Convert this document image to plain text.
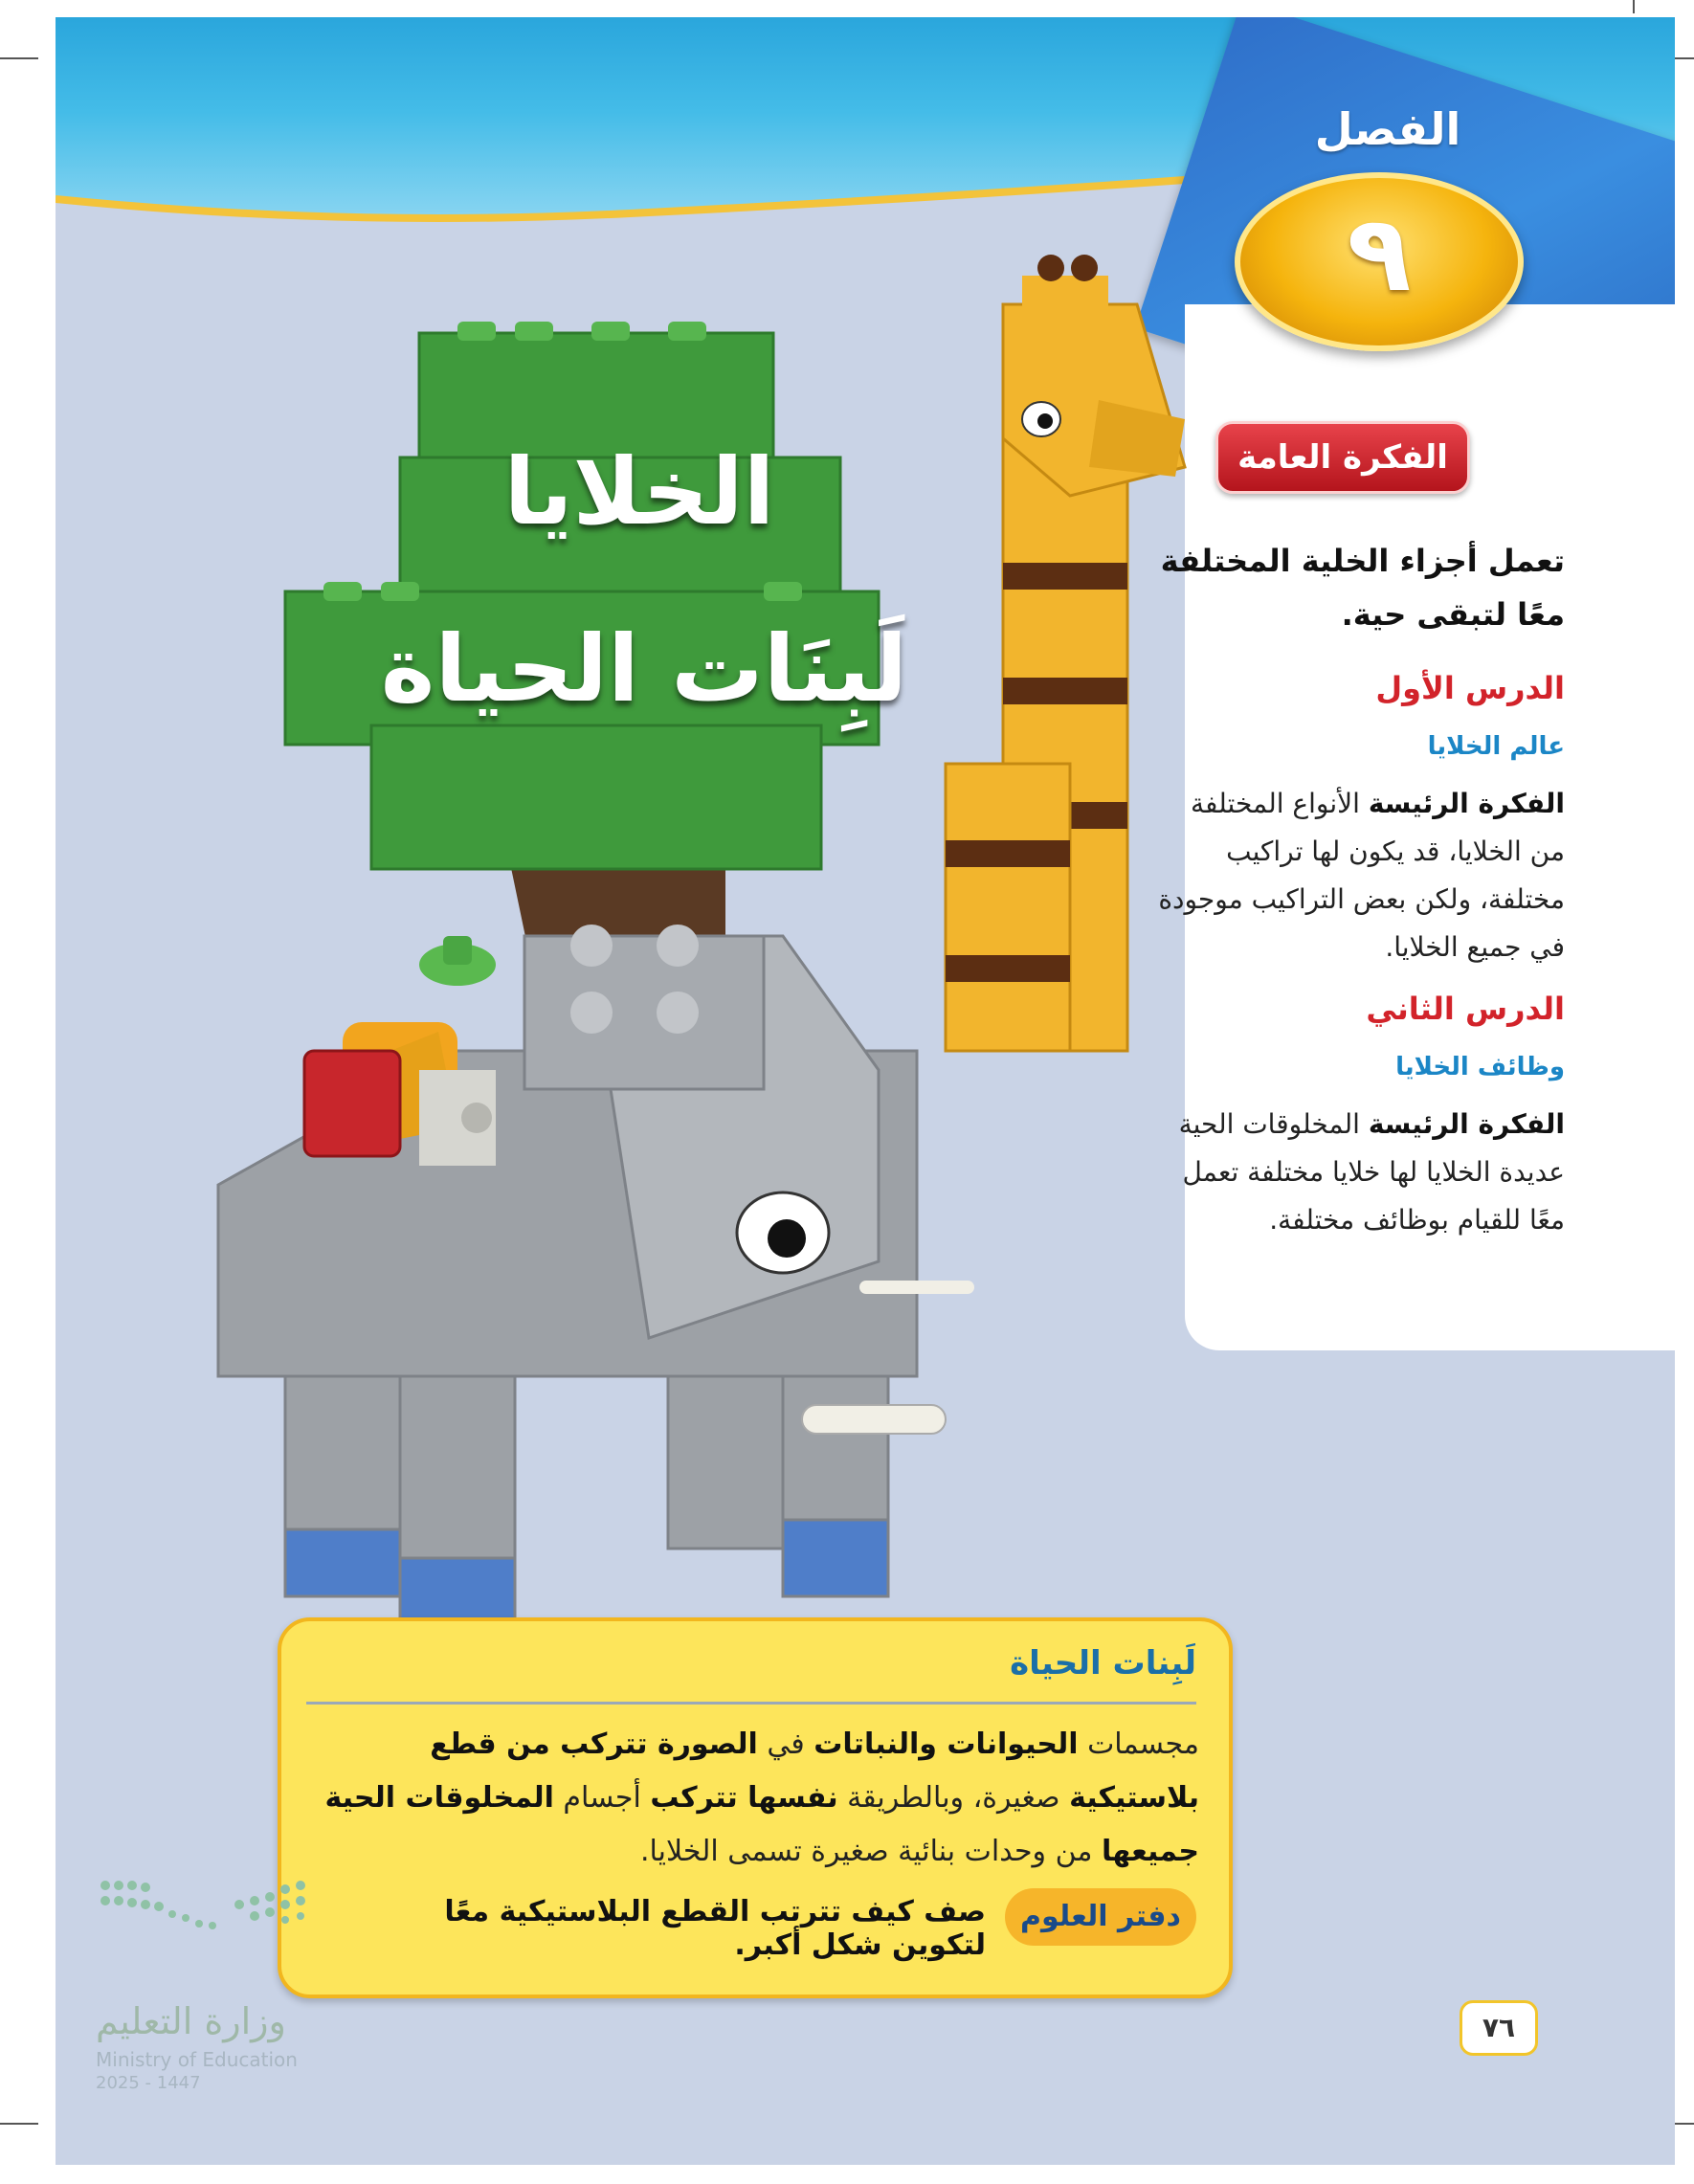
الخلايا
لَبِنَات الحياة
الفصل
٩
الفكرة العامة
تعمل أجزاء الخلية المختلفة معًا لتبقى حية.
الدرس الأول
عالم الخلايا
الفكرة الرئيسة الأنواع المختلفة من الخلايا، قد يكون لها تراكيب مختلفة، ولكن بعض التراكيب موجودة في جميع الخلايا.
الدرس الثاني
وظائف الخلايا
الفكرة الرئيسة المخلوقات الحية عديدة الخلايا لها خلايا مختلفة تعمل معًا للقيام بوظائف مختلفة.
لَبِنات الحياة
مجسمات الحيوانات والنباتات في الصورة تتركب من قطع بلاستيكية صغيرة، وبالطريقة نفسها تتركب أجسام المخلوقات الحية جميعها من وحدات بنائية صغيرة تسمى الخلايا.
دفتر العلوم
صف كيف تترتب القطع البلاستيكية معًا لتكوين شكل أكبر.
٧٦
وزارة التعليم
Ministry of Education
2025 - 1447
